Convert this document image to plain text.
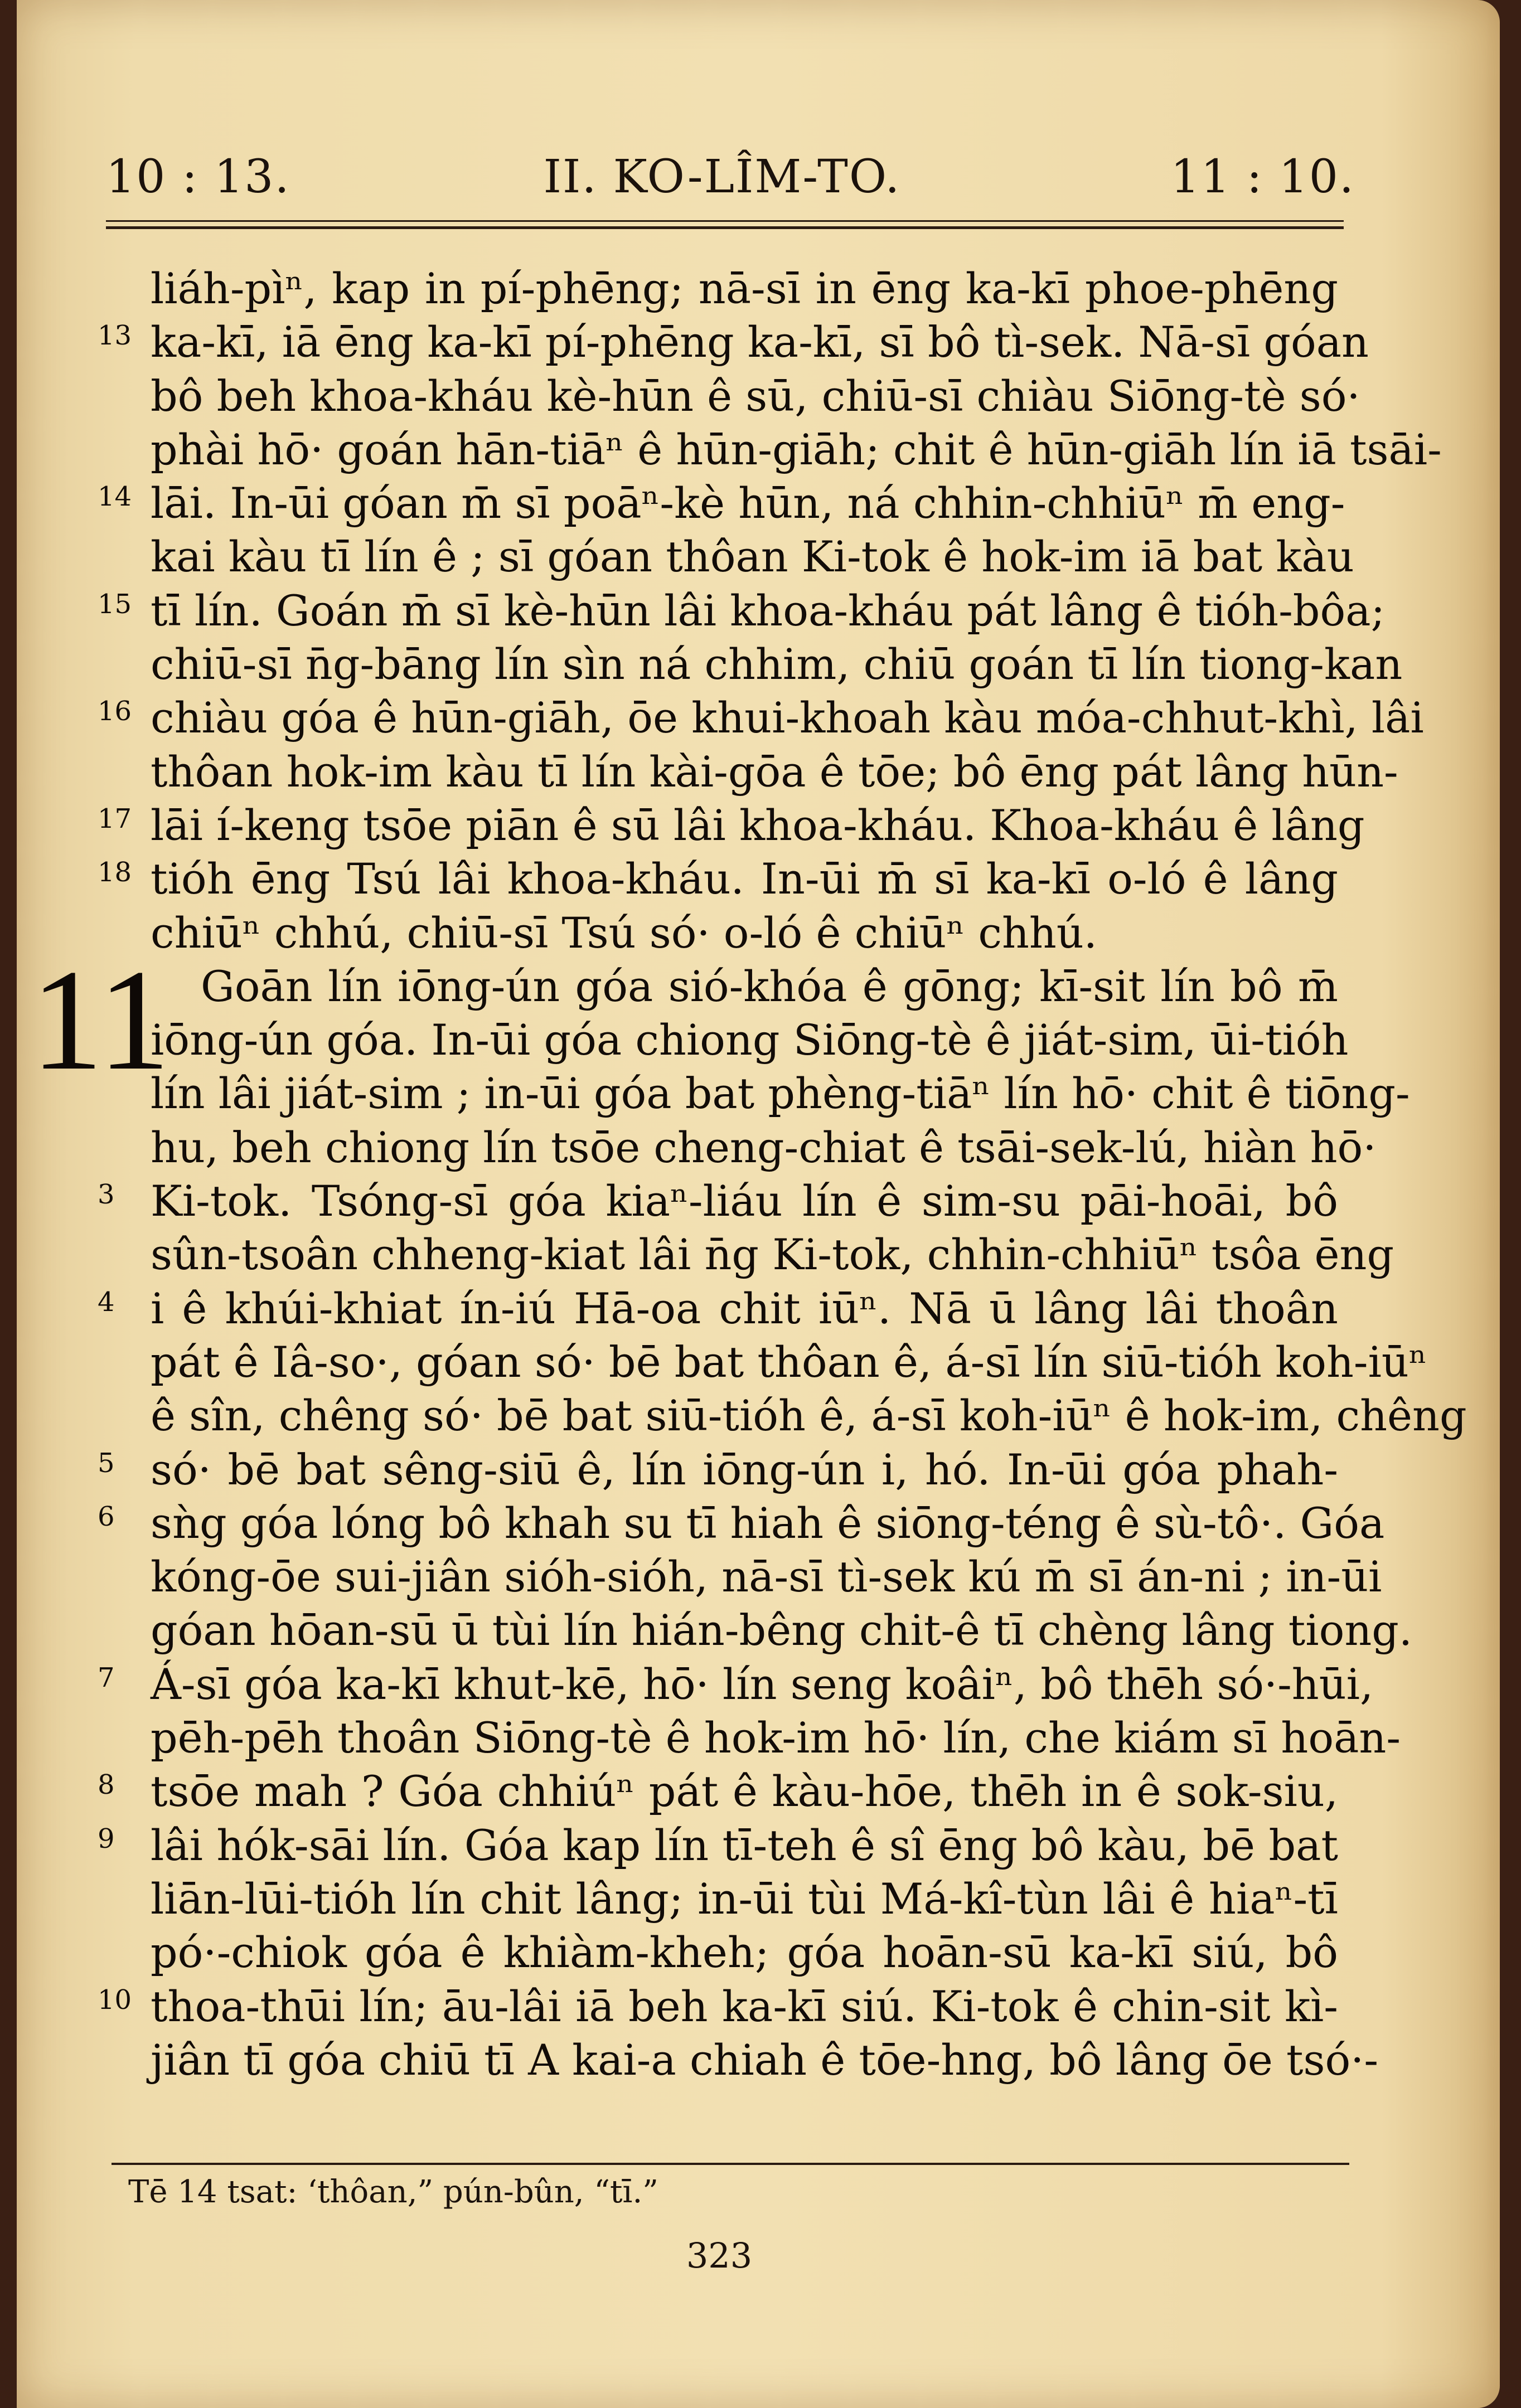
10 : 13.	II. KO-LÎM-TO.	11 : 10.
liáh-pìⁿ, kap in pí-phēng; nā-sī in ēng ka-kī phoe-phēng
13 ka-kī, iā ēng ka-kī pí-phēng ka-kī, sī bô tì-sek. Nā-sī góan
bô beh khoa-kháu kè-hūn ê sū, chiū-sī chiàu Siōng-tè só·
phài hō· goán hān-tiāⁿ ê hūn-giāh; chit ê hūn-giāh lín iā tsāi-
14 lāi. In-ūi góan m̄ sī poāⁿ-kè hūn, ná chhin-chhiūⁿ m̄ eng-
kai kàu tī lín ê ; sī góan thôan Ki-tok ê hok-im iā bat kàu
15 tī lín. Goán m̄ sī kè-hūn lâi khoa-kháu pát lâng ê tióh-bôa;
chiū-sī n̄g-bāng lín sìn ná chhim, chiū goán tī lín tiong-kan
16 chiàu góa ê hūn-giāh, ōe khui-khoah kàu móa-chhut-khì, lâi
thôan hok-im kàu tī lín kài-gōa ê tōe; bô ēng pát lâng hūn-
17 lāi í-keng tsōe piān ê sū lâi khoa-kháu. Khoa-kháu ê lâng
18 tióh ēng Tsú lâi khoa-kháu. In-ūi m̄ sī ka-kī o-ló ê lâng
chiūⁿ chhú, chiū-sī Tsú só· o-ló ê chiūⁿ chhú.
11 Goān lín iōng-ún góa sió-khóa ê gōng; kī-sit lín bô m̄
iōng-ún góa. In-ūi góa chiong Siōng-tè ê jiát-sim, ūi-tióh
lín lâi jiát-sim ; in-ūi góa bat phèng-tiāⁿ lín hō· chit ê tiōng-
hu, beh chiong lín tsōe cheng-chiat ê tsāi-sek-lú, hiàn hō·
3 Ki-tok. Tsóng-sī góa kiaⁿ-liáu lín ê sim-su pāi-hoāi, bô
sûn-tsoân chheng-kiat lâi n̄g Ki-tok, chhin-chhiūⁿ tsôa ēng
4 i ê khúi-khiat ín-iú Hā-oa chit iūⁿ. Nā ū lâng lâi thoân
pát ê Iâ-so·, góan só· bē bat thôan ê, á-sī lín siū-tióh koh-iūⁿ
ê sîn, chêng só· bē bat siū-tióh ê, á-sī koh-iūⁿ ê hok-im, chêng
5 só· bē bat sêng-siū ê, lín iōng-ún i, hó. In-ūi góa phah-
6 sǹg góa lóng bô khah su tī hiah ê siōng-téng ê sù-tô·. Góa
kóng-ōe sui-jiân sióh-sióh, nā-sī tì-sek kú m̄ sī án-ni ; in-ūi
góan hōan-sū ū tùi lín hián-bêng chit-ê tī chèng lâng tiong.
7 Á-sī góa ka-kī khut-kē, hō· lín seng koâiⁿ, bô thēh só·-hūi,
pēh-pēh thoân Siōng-tè ê hok-im hō· lín, che kiám sī hoān-
8 tsōe mah ? Góa chhiúⁿ pát ê kàu-hōe, thēh in ê sok-siu,
9 lâi hók-sāi lín. Góa kap lín tī-teh ê sî ēng bô kàu, bē bat
liān-lūi-tióh lín chit lâng; in-ūi tùi Má-kî-tùn lâi ê hiaⁿ-tī
pó·-chiok góa ê khiàm-kheh; góa hoān-sū ka-kī siú, bô
10 thoa-thūi lín; āu-lâi iā beh ka-kī siú. Ki-tok ê chin-sit kì-
jiân tī góa chiū tī A kai-a chiah ê tōe-hng, bô lâng ōe tsó·-
Tē 14 tsat: ‘thôan,” pún-bûn, “tī.”
323
